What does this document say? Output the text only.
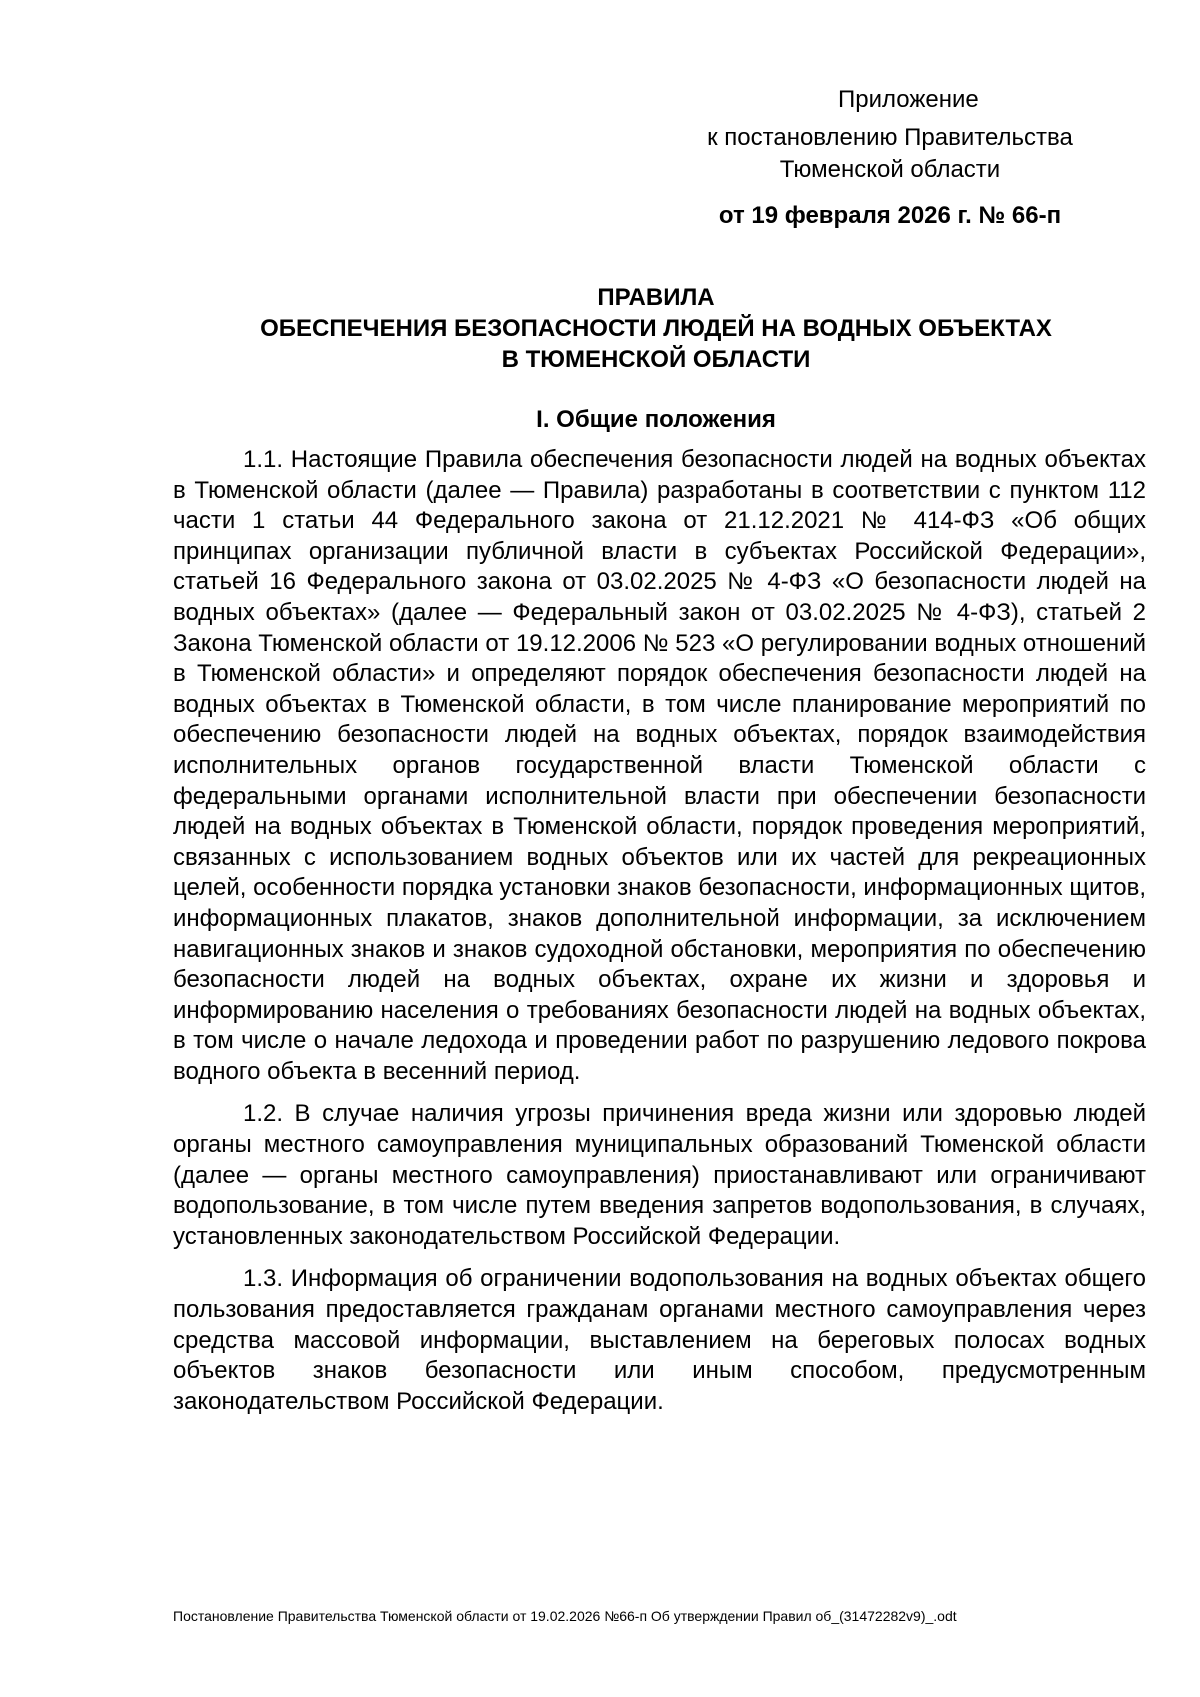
Приложение
к постановлению Правительства
Тюменской области
от 19 февраля 2026 г. № 66-п
ПРАВИЛА
ОБЕСПЕЧЕНИЯ БЕЗОПАСНОСТИ ЛЮДЕЙ НА ВОДНЫХ ОБЪЕКТАХ
В ТЮМЕНСКОЙ ОБЛАСТИ
I. Общие положения

1.1. Настоящие Правила обеспечения безопасности людей на водных объектах в Тюменской области (далее — Правила) разработаны в соответствии с пунктом 112 части 1 статьи 44 Федерального закона от 21.12.2021 № 414-ФЗ «Об общих принципах организации публичной власти в субъектах Российской Федерации», статьей 16 Федерального закона от 03.02.2025 № 4-ФЗ «О безопасности людей на водных объектах» (далее — Федеральный закон от 03.02.2025 № 4-ФЗ), статьей 2 Закона Тюменской области от 19.12.2006 № 523 «О регулировании водных отношений в Тюменской области» и определяют порядок обеспечения безопасности людей на водных объектах в Тюменской области, в том числе планирование мероприятий по обеспечению безопасности людей на водных объектах, порядок взаимодействия исполнительных органов государственной власти Тюменской области с федеральными органами исполнительной власти при обеспечении безопасности людей на водных объектах в Тюменской области, порядок проведения мероприятий, связанных с использованием водных объектов или их частей для рекреационных целей, особенности порядка установки знаков безопасности, информационных щитов, информационных плакатов, знаков дополнительной информации, за исключением навигационных знаков и знаков судоходной обстановки, мероприятия по обеспечению безопасности людей на водных объектах, охране их жизни и здоровья и информированию населения о требованиях безопасности людей на водных объектах, в том числе о начале ледохода и проведении работ по разрушению ледового покрова водного объекта в весенний период.

1.2. В случае наличия угрозы причинения вреда жизни или здоровью людей органы местного самоуправления муниципальных образований Тюменской области (далее — органы местного самоуправления) приостанавливают или ограничивают водопользование, в том числе путем введения запретов водопользования, в случаях, установленных законодательством Российской Федерации.

1.3. Информация об ограничении водопользования на водных объектах общего пользования предоставляется гражданам органами местного самоуправления через средства массовой информации, выставлением на береговых полосах водных объектов знаков безопасности или иным способом, предусмотренным законодательством Российской Федерации.

Постановление Правительства Тюменской области от 19.02.2026 №66-п Об утверждении Правил об_(31472282v9)_.odt
